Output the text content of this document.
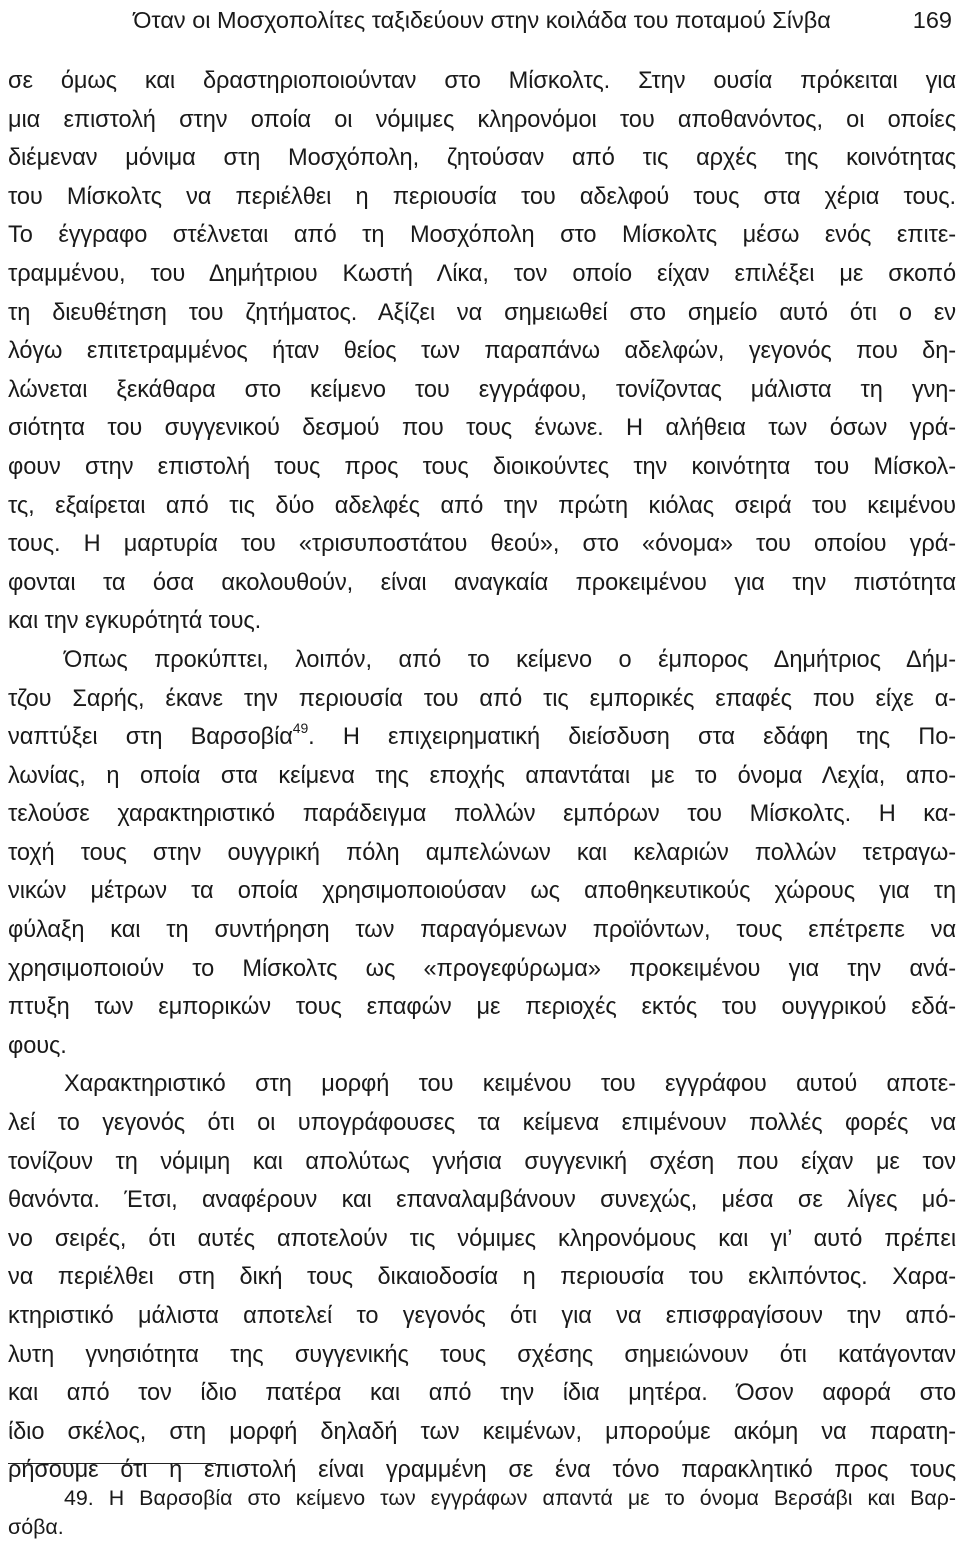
Όταν οι Μοσχοπολίτες ταξιδεύουν στην κοιλάδα του ποταμού Σίνβα	169
σε όμως και δραστηριοποιούνταν στο Μίσκολτς. Στην ουσία πρόκειται για
μια επιστολή στην οποία οι νόμιμες κληρονόμοι του αποθανόντος, οι οποίες
διέμεναν μόνιμα στη Μοσχόπολη, ζητούσαν από τις αρχές της κοινότητας
του Μίσκολτς να περιέλθει η περιουσία του αδελφού τους στα χέρια τους.
Το έγγραφο στέλνεται από τη Μοσχόπολη στο Μίσκολτς μέσω ενός επιτε-
τραμμένου, του Δημήτριου Κωστή Λίκα, τον οποίο είχαν επιλέξει με σκοπό
τη διευθέτηση του ζητήματος. Αξίζει να σημειωθεί στο σημείο αυτό ότι ο εν
λόγω επιτετραμμένος ήταν θείος των παραπάνω αδελφών, γεγονός που δη-
λώνεται ξεκάθαρα στο κείμενο του εγγράφου, τονίζοντας μάλιστα τη γνη-
σιότητα του συγγενικού δεσμού που τους ένωνε. Η αλήθεια των όσων γρά-
φουν στην επιστολή τους προς τους διοικούντες την κοινότητα του Μίσκολ-
τς, εξαίρεται από τις δύο αδελφές από την πρώτη κιόλας σειρά του κειμένου
τους. Η μαρτυρία του «τρισυποστάτου θεού», στο «όνομα» του οποίου γρά-
φονται τα όσα ακολουθούν, είναι αναγκαία προκειμένου για την πιστότητα
και την εγκυρότητά τους.
Όπως προκύπτει, λοιπόν, από το κείμενο ο έμπορος Δημήτριος Δήμ-
τζου Σαρής, έκανε την περιουσία του από τις εμπορικές επαφές που είχε α-
ναπτύξει στη Βαρσοβία$^{49}$. Η επιχειρηματική διείσδυση στα εδάφη της Πο-
λωνίας, η οποία στα κείμενα της εποχής απαντάται με το όνομα Λεχία, απο-
τελούσε χαρακτηριστικό παράδειγμα πολλών εμπόρων του Μίσκολτς. Η κα-
τοχή τους στην ουγγρική πόλη αμπελώνων και κελαριών πολλών τετραγω-
νικών μέτρων τα οποία χρησιμοποιούσαν ως αποθηκευτικούς χώρους για τη
φύλαξη και τη συντήρηση των παραγόμενων προϊόντων, τους επέτρεπε να
χρησιμοποιούν το Μίσκολτς ως «προγεφύρωμα» προκειμένου για την ανά-
πτυξη των εμπορικών τους επαφών με περιοχές εκτός του ουγγρικού εδά-
φους.
Χαρακτηριστικό στη μορφή του κειμένου του εγγράφου αυτού αποτε-
λεί το γεγονός ότι οι υπογράφουσες τα κείμενα επιμένουν πολλές φορές να
τονίζουν τη νόμιμη και απολύτως γνήσια συγγενική σχέση που είχαν με τον
θανόντα. Έτσι, αναφέρουν και επαναλαμβάνουν συνεχώς, μέσα σε λίγες μό-
νο σειρές, ότι αυτές αποτελούν τις νόμιμες κληρονόμους και γι’ αυτό πρέπει
να περιέλθει στη δική τους δικαιοδοσία η περιουσία του εκλιπόντος. Χαρα-
κτηριστικό μάλιστα αποτελεί το γεγονός ότι για να επισφραγίσουν την από-
λυτη γνησιότητα της συγγενικής τους σχέσης σημειώνουν ότι κατάγονταν
και από τον ίδιο πατέρα και από την ίδια μητέρα. Όσον αφορά στο
ίδιο σκέλος, στη μορφή δηλαδή των κειμένων, μπορούμε ακόμη να παρατη-
ρήσουμε ότι η επιστολή είναι γραμμένη σε ένα τόνο παρακλητικό προς τους
49. Η Βαρσοβία στο κείμενο των εγγράφων απαντά με το όνομα Βερσάβι και Βαρ-
σόβα.
